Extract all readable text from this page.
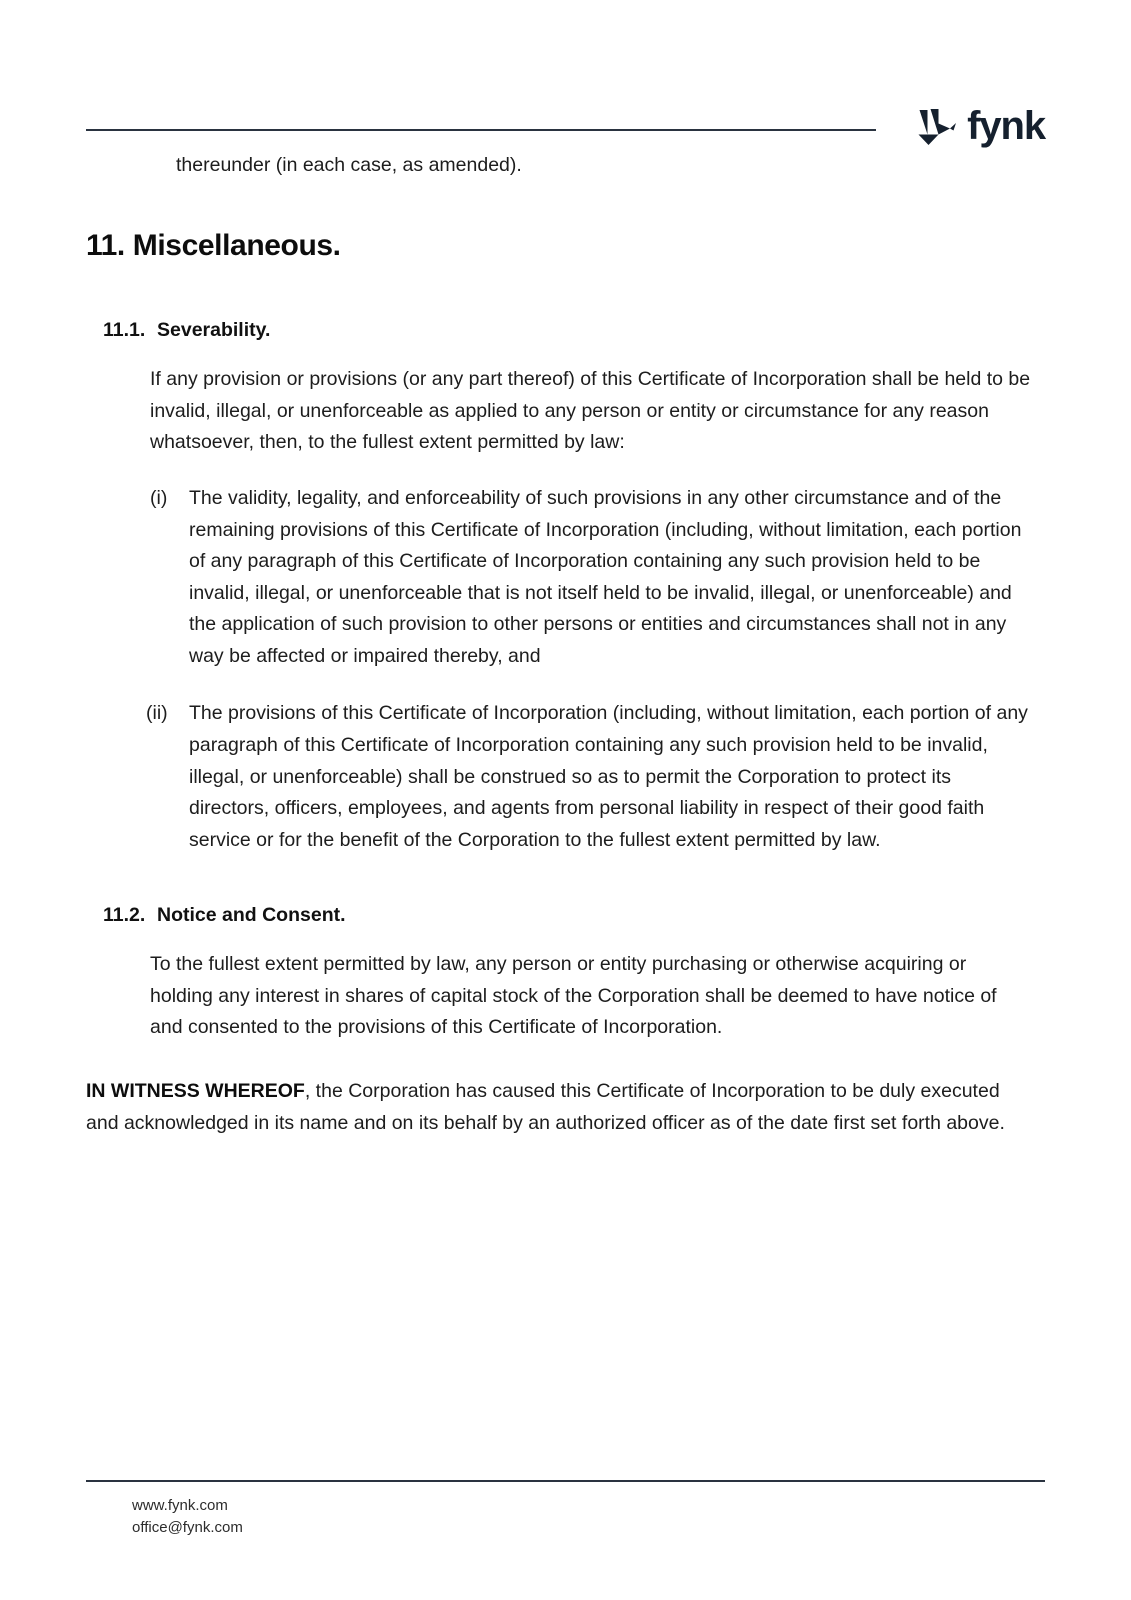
fynk

thereunder (in each case, as amended).

11. Miscellaneous.
11.1. Severability.

If any provision or provisions (or any part thereof) of this Certificate of Incorporation shall be held to be invalid, illegal, or unenforceable as applied to any person or entity or circumstance for any reason whatsoever, then, to the fullest extent permitted by law:

(i)	The validity, legality, and enforceability of such provisions in any other circumstance and of the remaining provisions of this Certificate of Incorporation (including, without limitation, each portion of any paragraph of this Certificate of Incorporation containing any such provision held to be invalid, illegal, or unenforceable that is not itself held to be invalid, illegal, or unenforceable) and the application of such provision to other persons or entities and circumstances shall not in any way be affected or impaired thereby, and
(ii)	The provisions of this Certificate of Incorporation (including, without limitation, each portion of any paragraph of this Certificate of Incorporation containing any such provision held to be invalid, illegal, or unenforceable) shall be construed so as to permit the Corporation to protect its directors, officers, employees, and agents from personal liability in respect of their good faith service or for the benefit of the Corporation to the fullest extent permitted by law.
11.2. Notice and Consent.

To the fullest extent permitted by law, any person or entity purchasing or otherwise acquiring or holding any interest in shares of capital stock of the Corporation shall be deemed to have notice of and consented to the provisions of this Certificate of Incorporation.

IN WITNESS WHEREOF, the Corporation has caused this Certificate of Incorporation to be duly executed and acknowledged in its name and on its behalf by an authorized officer as of the date first set forth above.

www.fynk.com
office@fynk.com
